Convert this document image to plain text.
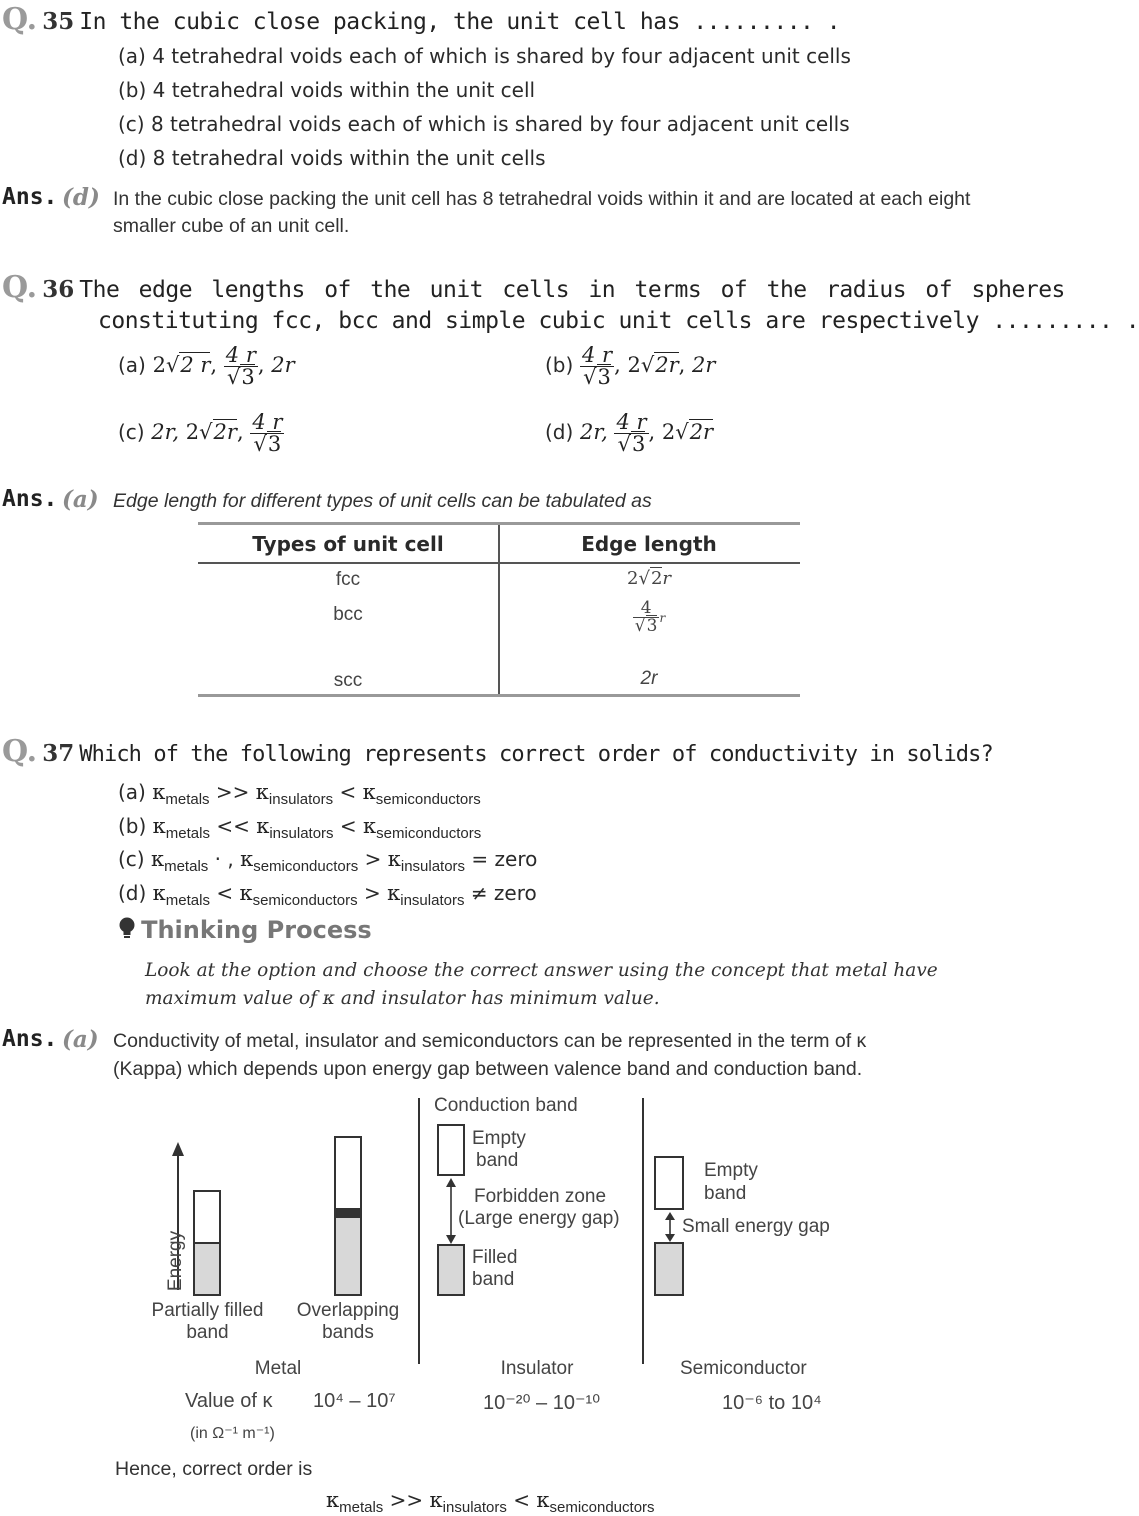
Q. 35 In the cubic close packing, the unit cell has ......... .
(a) 4 tetrahedral voids each of which is shared by four adjacent unit cells
(b) 4 tetrahedral voids within the unit cell
(c) 8 tetrahedral voids each of which is shared by four adjacent unit cells
(d) 8 tetrahedral voids within the unit cells
Ans. (d) In the cubic close packing the unit cell has 8 tetrahedral voids within it and are located at each eight smaller cube of an unit cell.
Q. 36 The edge lengths of the unit cells in terms of the radius of spheres
constituting fcc, bcc and simple cubic unit cells are respectively ......... .
(a) 2√2 r, $\frac{4 r}{√3}$ , 2r	$(b) \frac{4 r}{√3}$ , 2√2r, 2r
(c) 2r, 2√2r, $\frac{4 r}{√3}$	(d) 2r, $\frac{4 r}{√3}$ , 2√2r
Ans. (a) Edge length for different types of unit cells can be tabulated as
Types of unit cell	Edge length
fcc	2√2r
bcc	$\frac{4}{√3}$ r
scc	2r
Q. 37 Which of the following represents correct order of conductivity in solids?
(a) $\kappa_{metals} >> \kappa_{insulators} < \kappa_{semiconductors}$
(b) $\kappa_{metals} << \kappa_{insulators} < \kappa_{semiconductors}$
(c) $\kappa_{metals}$ · , $\kappa_{semiconductors} > \kappa_{insulators}$ = zero
(d) $\kappa_{metals} < \kappa_{semiconductors} > \kappa_{insulators}$ ≠ zero
Thinking Process
Look at the option and choose the correct answer using the concept that metal have
maximum value of κ and insulator has minimum value.
Ans. (a) Conductivity of metal, insulator and semiconductors can be represented in the term of κ
(Kappa) which depends upon energy gap between valence band and conduction band.
Energy
Partially filled
band
Overlapping
bands
Metal
Conduction band
Empty
band
Forbidden zone
(Large energy gap)
Filled
band
Insulator
Empty
band
Small energy gap
Semiconductor
Value of κ
(in Ω⁻¹ m⁻¹)
10⁴ – 10⁷	10⁻²⁰ – 10⁻¹⁰	10⁻⁶ to 10⁴
Hence, correct order is
$\kappa_{metals} >> \kappa_{insulators} < \kappa_{semiconductors}$
